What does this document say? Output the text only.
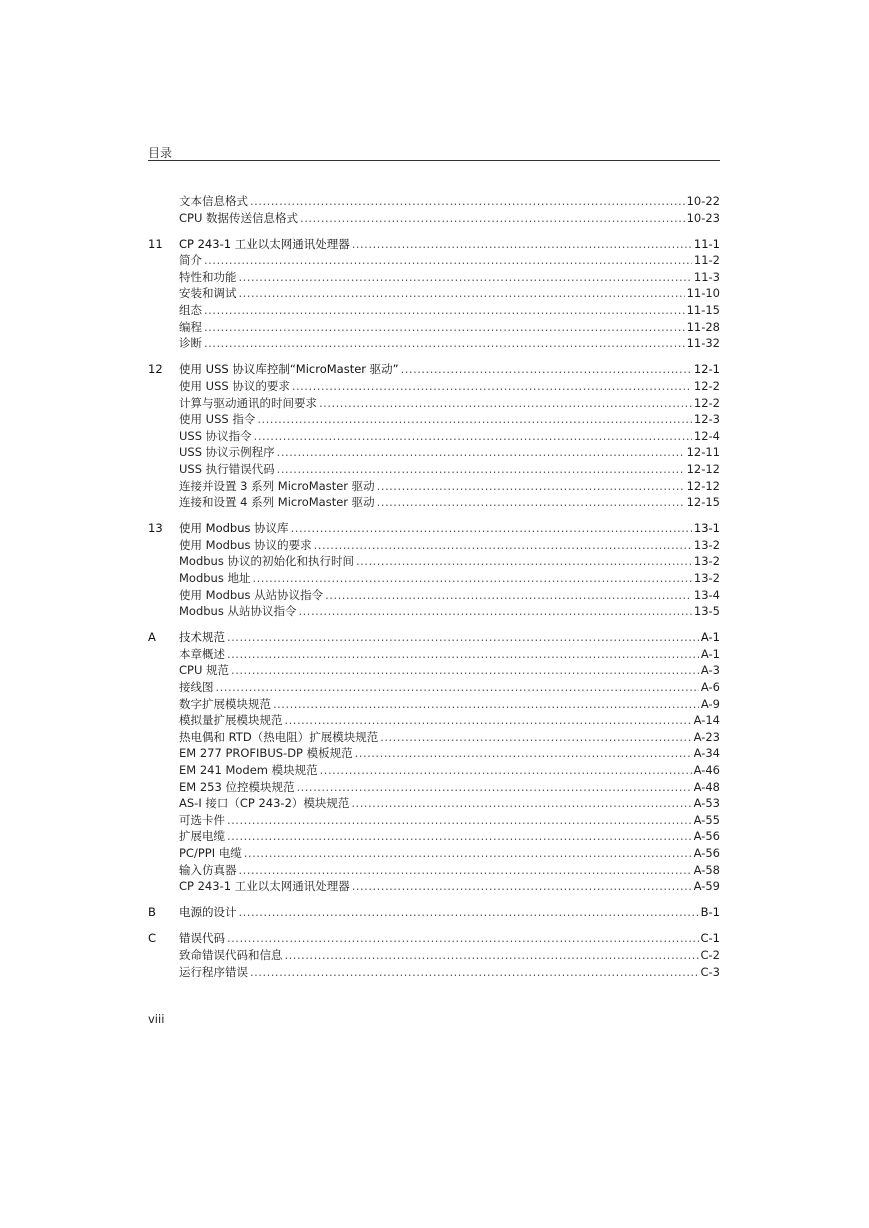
目录
文本信息格式 .....	10-22
CPU 数据传送信息格式 .....	10-23
11 CP 243-1 工业以太网通讯处理器 .....	11-1
简介 .....	11-2
特性和功能 .....	11-3
安装和调试 .....	11-10
组态 .....	11-15
编程 .....	11-28
诊断 .....	11-32
12 使用 USS 协议库控制“MicroMaster 驱动” .....	12-1
使用 USS 协议的要求 .....	12-2
计算与驱动通讯的时间要求 .....	12-2
使用 USS 指令 .....	12-3
USS 协议指令 .....	12-4
USS 协议示例程序 .....	12-11
USS 执行错误代码 .....	12-12
连接并设置 3 系列 MicroMaster 驱动 .....	12-12
连接和设置 4 系列 MicroMaster 驱动 .....	12-15
13 使用 Modbus 协议库 .....	13-1
使用 Modbus 协议的要求 .....	13-2
Modbus 协议的初始化和执行时间 .....	13-2
Modbus 地址 .....	13-2
使用 Modbus 从站协议指令 .....	13-4
Modbus 从站协议指令 .....	13-5
A 技术规范 .....	A-1
本章概述 .....	A-1
CPU 规范 .....	A-3
接线图 .....	A-6
数字扩展模块规范 .....	A-9
模拟量扩展模块规范 .....	A-14
热电偶和 RTD（热电阻）扩展模块规范 .....	A-23
EM 277 PROFIBUS-DP 模板规范 .....	A-34
EM 241 Modem 模块规范 .....	A-46
EM 253 位控模块规范 .....	A-48
AS-I 接口（CP 243-2）模块规范 .....	A-53
可选卡件 .....	A-55
扩展电缆 .....	A-56
PC/PPI 电缆 .....	A-56
输入仿真器 .....	A-58
CP 243-1 工业以太网通讯处理器 .....	A-59
B 电源的设计 .....	B-1
C 错误代码 .....	C-1
致命错误代码和信息 .....	C-2
运行程序错误 .....	C-3
viii
